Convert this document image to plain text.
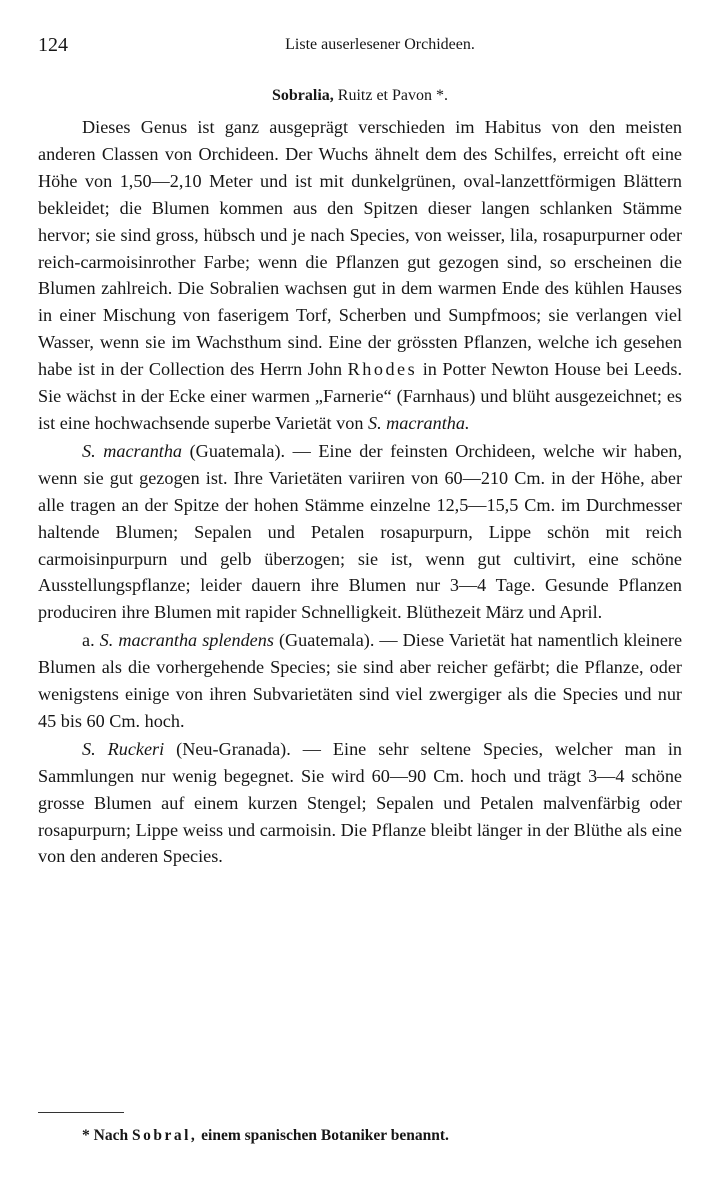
124	Liste auserlesener Orchideen.
Sobralia, Ruitz et Pavon *.

Dieses Genus ist ganz ausgeprägt verschieden im Habitus von den meisten anderen Classen von Orchideen. Der Wuchs ähnelt dem des Schilfes, erreicht oft eine Höhe von 1,50—2,10 Meter und ist mit dunkelgrünen, oval-lanzettförmigen Blättern bekleidet; die Blumen kommen aus den Spitzen dieser langen schlanken Stämme hervor; sie sind gross, hübsch und je nach Species, von weisser, lila, rosapurpurner oder reich-carmoisinrother Farbe; wenn die Pflanzen gut gezogen sind, so erscheinen die Blumen zahlreich. Die Sobralien wachsen gut in dem warmen Ende des kühlen Hauses in einer Mischung von faserigem Torf, Scherben und Sumpfmoos; sie verlangen viel Wasser, wenn sie im Wachsthum sind. Eine der grössten Pflanzen, welche ich gesehen habe ist in der Collection des Herrn John Rhodes in Potter Newton House bei Leeds. Sie wächst in der Ecke einer warmen „Farnerie“ (Farnhaus) und blüht ausgezeichnet; es ist eine hochwachsende superbe Varietät von S. macrantha.

S. macrantha (Guatemala). — Eine der feinsten Orchideen, welche wir haben, wenn sie gut gezogen ist. Ihre Varietäten variiren von 60—210 Cm. in der Höhe, aber alle tragen an der Spitze der hohen Stämme einzelne 12,5—15,5 Cm. im Durchmesser haltende Blumen; Sepalen und Petalen rosapurpurn, Lippe schön mit reich carmoisinpurpurn und gelb überzogen; sie ist, wenn gut cultivirt, eine schöne Ausstellungspflanze; leider dauern ihre Blumen nur 3—4 Tage. Gesunde Pflanzen produciren ihre Blumen mit rapider Schnelligkeit. Blüthezeit März und April.

a. S. macrantha splendens (Guatemala). — Diese Varietät hat namentlich kleinere Blumen als die vorhergehende Species; sie sind aber reicher gefärbt; die Pflanze, oder wenigstens einige von ihren Subvarietäten sind viel zwergiger als die Species und nur 45 bis 60 Cm. hoch.

S. Ruckeri (Neu-Granada). — Eine sehr seltene Species, welcher man in Sammlungen nur wenig begegnet. Sie wird 60—90 Cm. hoch und trägt 3—4 schöne grosse Blumen auf einem kurzen Stengel; Sepalen und Petalen malvenfärbig oder rosapurpurn; Lippe weiss und carmoisin. Die Pflanze bleibt länger in der Blüthe als eine von den anderen Species.

* Nach Sobral, einem spanischen Botaniker benannt.
